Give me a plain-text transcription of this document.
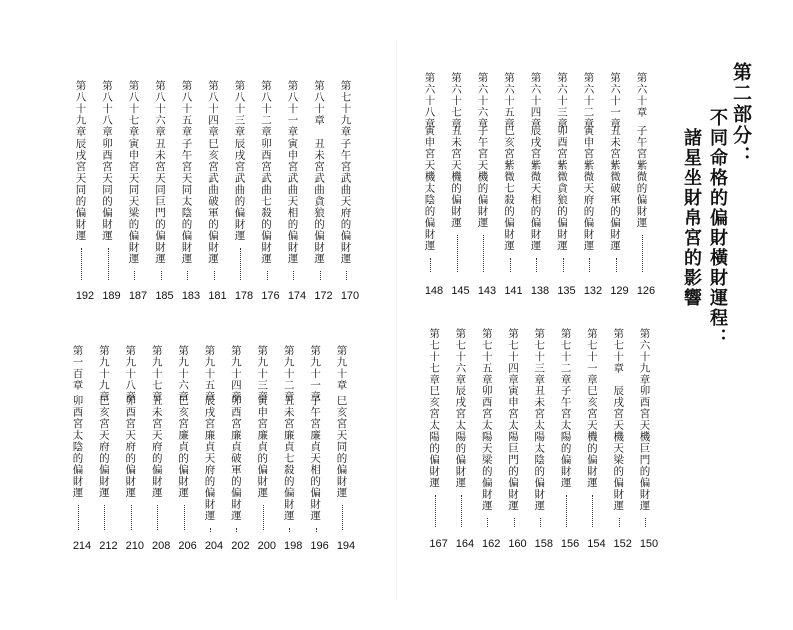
第七十九章
子午宮武曲天府的偏財運
170
第八十章
丑未宮武曲貪狼的偏財運
172
第八十一章
寅申宮武曲天相的偏財運
174
第八十二章
卯酉宮武曲七殺的偏財運
176
第八十三章
辰戌宮武曲的偏財運
178
第八十四章
巳亥宮武曲破軍的偏財運
181
第八十五章
子午宮天同太陰的偏財運
183
第八十六章
丑未宮天同巨門的偏財運
185
第八十七章
寅申宮天同天梁的偏財運
187
第八十八章
卯酉宮天同的偏財運
189
第八十九章
辰戌宮天同的偏財運
192
第九十章
巳亥宮天同的偏財運
194
第九十一章
子午宮廉貞天相的偏財運
196
第九十二章
丑未宮廉貞七殺的偏財運
198
第九十三章
寅申宮廉貞的偏財運
200
第九十四章
卯酉宮廉貞破軍的偏財運
202
第九十五章
辰戌宮廉貞天府的偏財運
204
第九十六章
巳亥宮廉貞的偏財運
206
第九十七章
丑未宮天府的偏財運
208
第九十八章
卯酉宮天府的偏財運
210
第九十九章
巳亥宮天府的偏財運
212
第一百章
卯酉宮太陰的偏財運
214
第六十章
子午宮紫微的偏財運
126
第六十一章
丑未宮紫微破軍的偏財運
129
第六十二章
寅申宮紫微天府的偏財運
132
第六十三章
卯酉宮紫微貪狼的偏財運
135
第六十四章
辰戌宮紫微天相的偏財運
138
第六十五章
巳亥宮紫微七殺的偏財運
141
第六十六章
子午宮天機的偏財運
143
第六十七章
丑未宮天機的偏財運
145
第六十八章
寅申宮天機太陰的偏財運
148
第六十九章
卯酉宮天機巨門的偏財運
150
第七十章
辰戌宮天機天梁的偏財運
152
第七十一章
巳亥宮天機的偏財運
154
第七十二章
子午宮太陽的偏財運
156
第七十三章
丑未宮太陽太陰的偏財運
158
第七十四章
寅申宮太陽巨門的偏財運
160
第七十五章
卯酉宮太陽天梁的偏財運
162
第七十六章
辰戌宮太陽的偏財運
164
第七十七章
巳亥宮太陽的偏財運
167
第二部分：
不同命格的偏財橫財運程：
諸星坐財帛宮的影響
